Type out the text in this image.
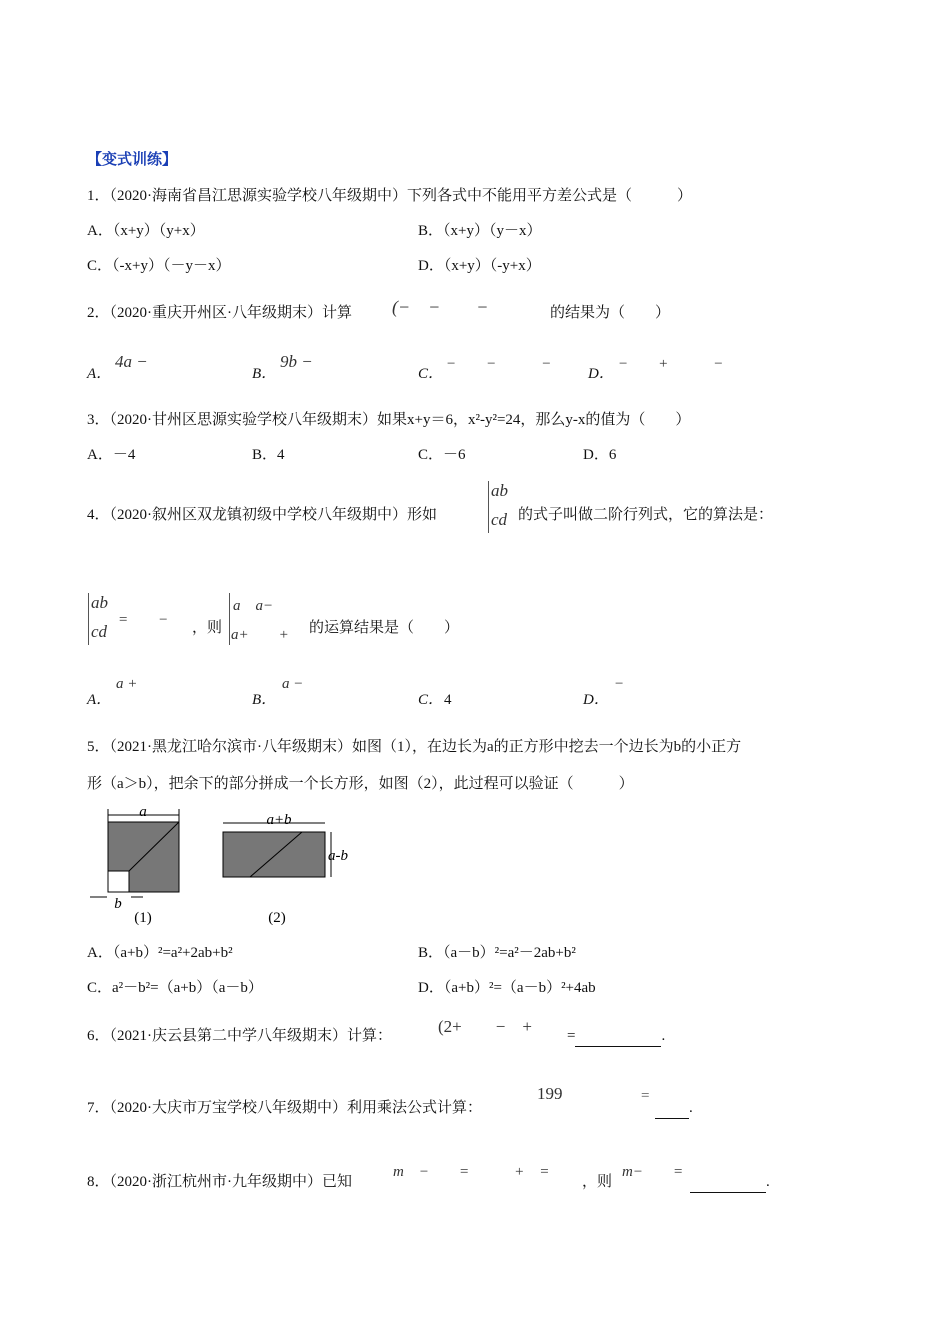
【变式训练】
1．（2020·海南省昌江思源实验学校八年级期中）下列各式中不能用平方差公式是（　　　）
A．（x+y）（y+x）	B．（x+y）（y－x）
C．（-x+y）（－y－x）	D．（x+y）（-y+x）
2．（2020·重庆开州区·八年级期末）计算 (−　−　　−	的结果为（　　）
A．
4a −
B．
9b −
C．
−　　−　　　−
D．
−　　+　　　−
3．（2020·甘州区思源实验学校八年级期末）如果x+y＝6，x²-y²=24，那么y-x的值为（　　）
A．－4	B．4	C．－6	D．6
4．（2020·叙州区双龙镇初级中学校八年级期中）形如
ab
cd 的式子叫做二阶行列式，它的算法是：
ab
cd
=　　− ，则
a　a−
a+　　+ 的运算结果是（　　）
A．
a +
B．
a −
C． 4	D．
−
5．（2021·黑龙江哈尔滨市·八年级期末）如图（1），在边长为a的正方形中挖去一个边长为b的小正方
形（a＞b），把余下的部分拼成一个长方形，如图（2），此过程可以验证（　　　）
a
b
(1)
a+b
a-b
(2)
A．（a+b）²=a²+2ab+b²	B．（a－b）²=a²－2ab+b²
C．a²－b²=（a+b）（a－b）	D．（a+b）²=（a－b）²+4ab
6．（2021·庆云县第二中学八年级期末）计算：	(2+　　−　+ =	.
7．（2020·大庆市万宝学校八年级期中）利用乘法公式计算：
199	=
.
8．（2020·浙江杭州市·九年级期中）已知
m　−　　=　　　+　=
，则
m−　　=
.
